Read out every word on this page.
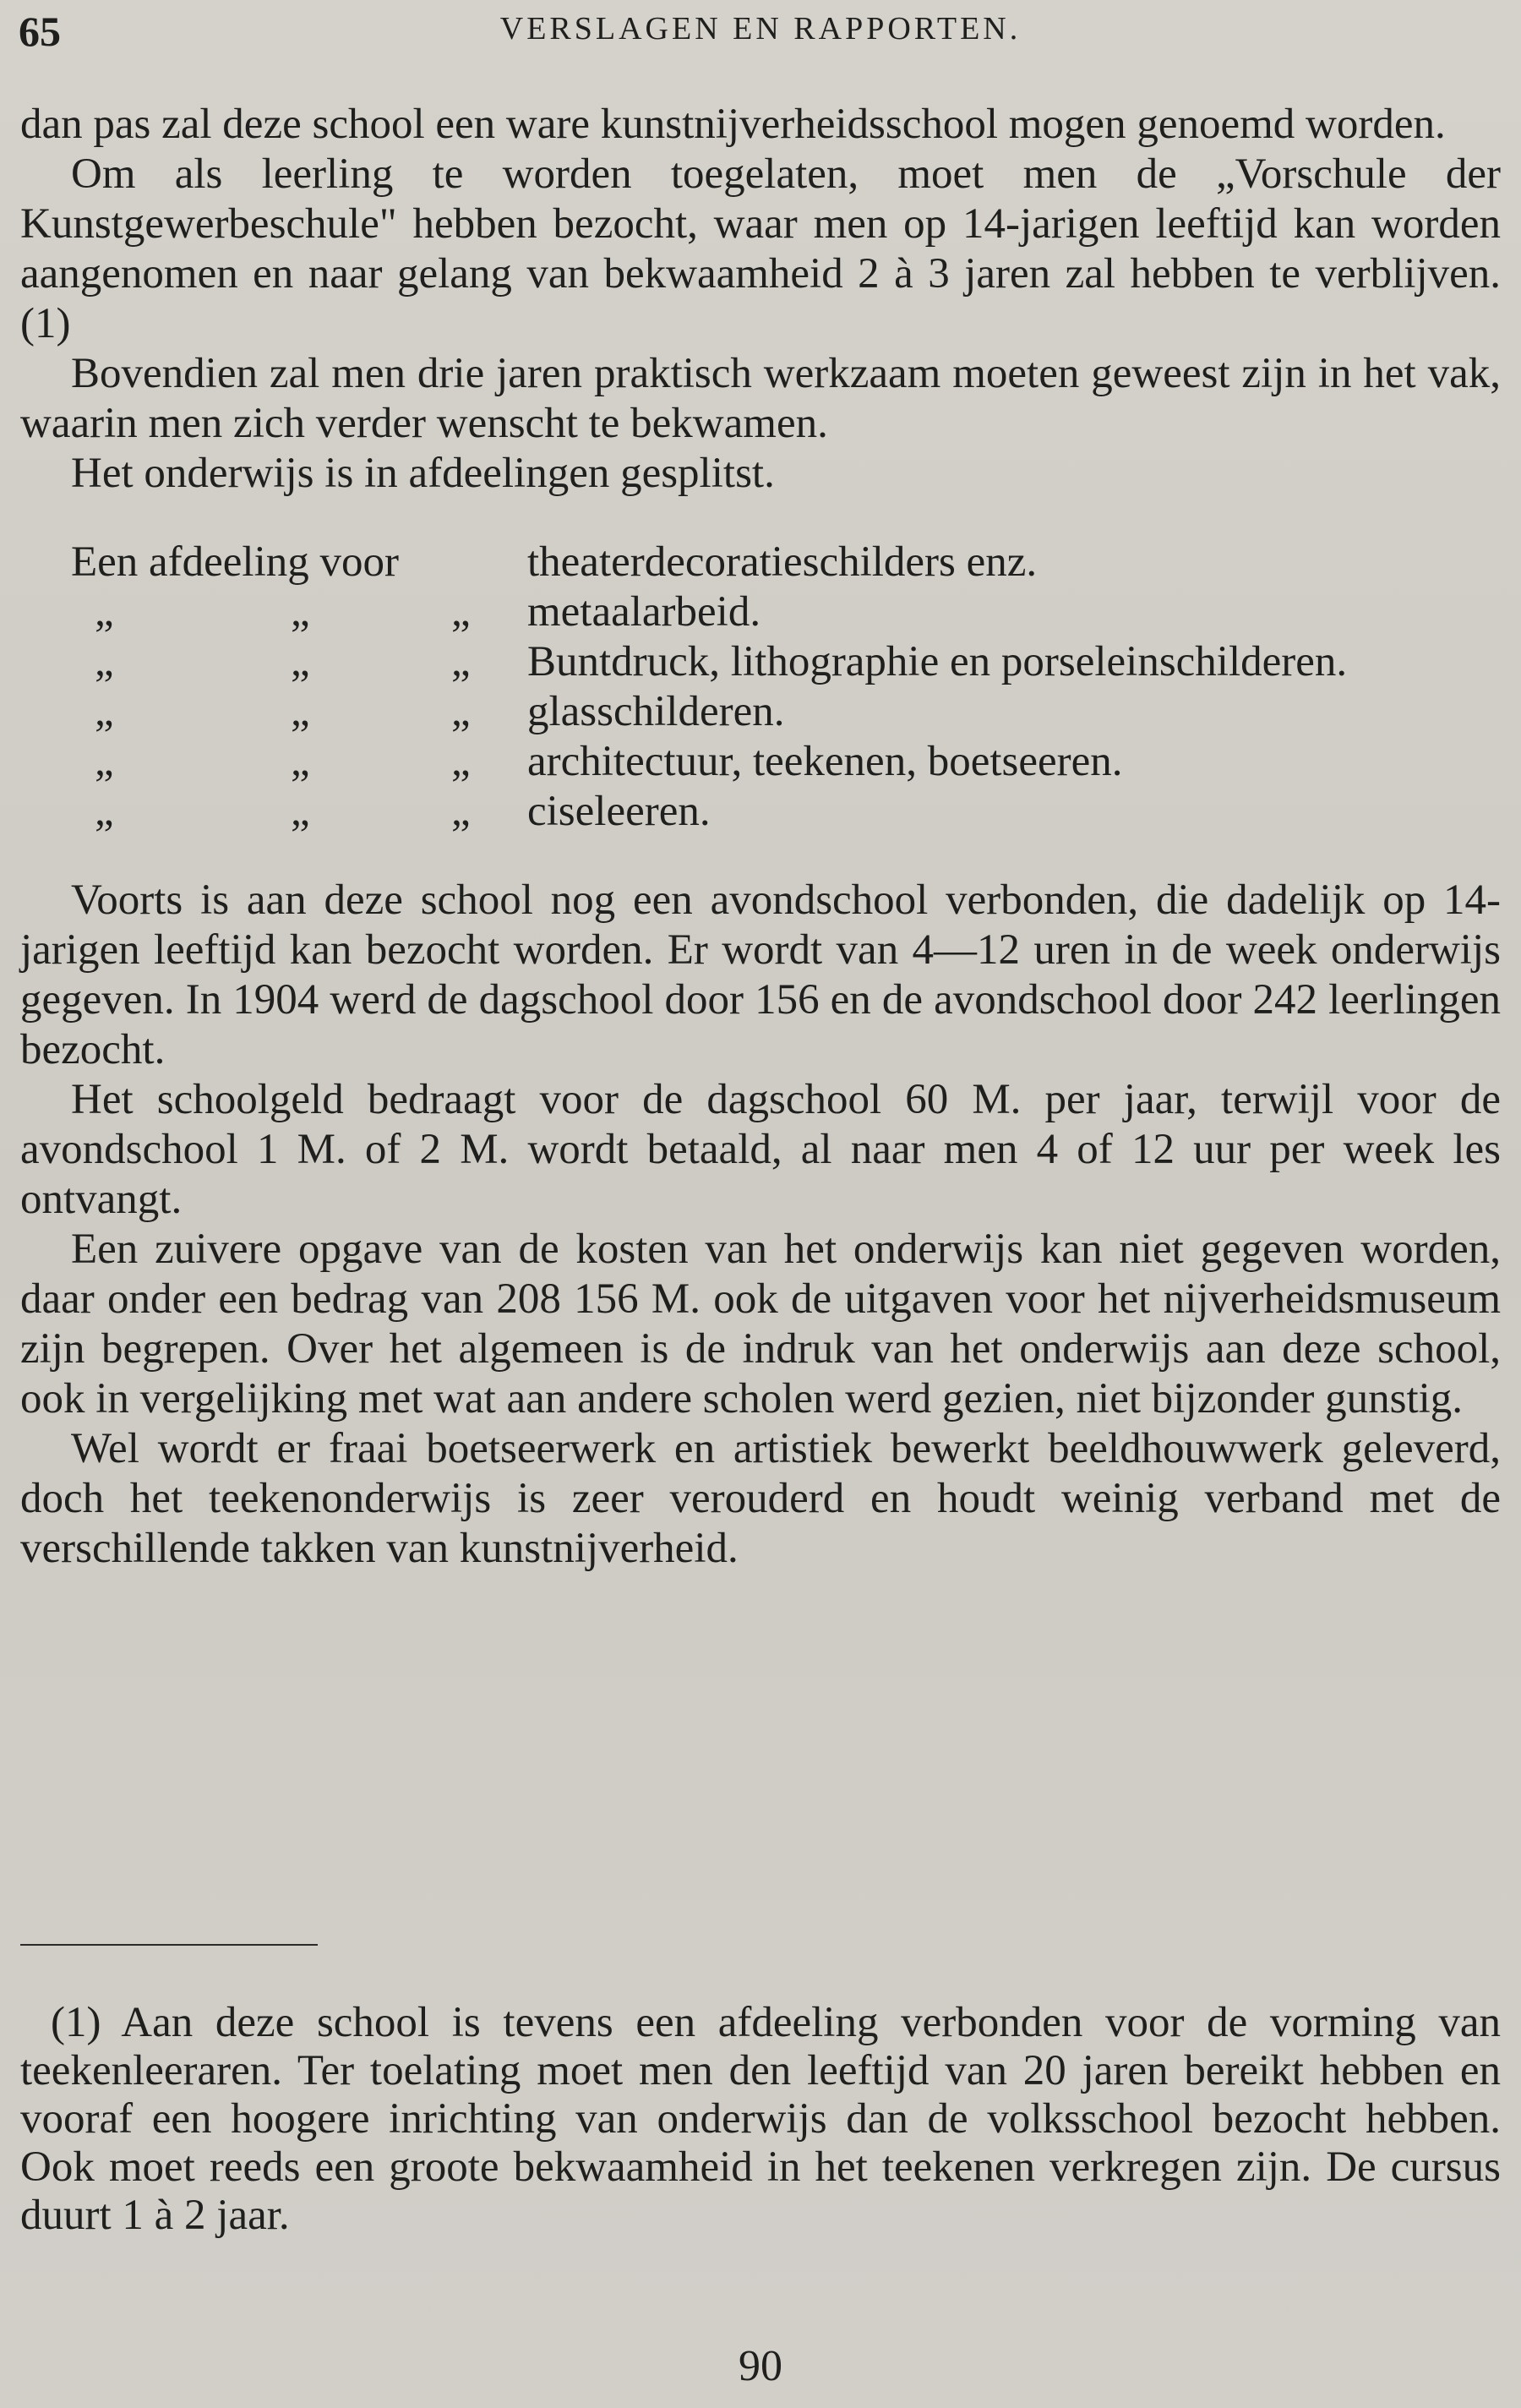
65	VERSLAGEN EN RAPPORTEN.

dan pas zal deze school een ware kunstnijverheidsschool mogen genoemd worden.

Om als leerling te worden toegelaten, moet men de „Vorschule der Kunstgewerbeschule" hebben bezocht, waar men op 14-jarigen leeftijd kan worden aangenomen en naar gelang van bekwaamheid 2 à 3 jaren zal hebben te verblijven. (1)

Bovendien zal men drie jaren praktisch werkzaam moeten geweest zijn in het vak, waarin men zich verder wenscht te bekwamen.

Het onderwijs is in afdeelingen gesplitst.

Een afdeeling voor	theaterdecoratieschilders enz.
„	„	„	metaalarbeid.
„	„	„	Buntdruck, lithographie en porseleinschilderen.
„	„	„	glasschilderen.
„	„	„	architectuur, teekenen, boetseeren.
„	„	„	ciseleeren.

Voorts is aan deze school nog een avondschool verbonden, die dadelijk op 14-jarigen leeftijd kan bezocht worden. Er wordt van 4—12 uren in de week onderwijs gegeven. In 1904 werd de dagschool door 156 en de avondschool door 242 leerlingen bezocht.

Het schoolgeld bedraagt voor de dagschool 60 M. per jaar, terwijl voor de avondschool 1 M. of 2 M. wordt betaald, al naar men 4 of 12 uur per week les ontvangt.

Een zuivere opgave van de kosten van het onderwijs kan niet gegeven worden, daar onder een bedrag van 208 156 M. ook de uitgaven voor het nijverheidsmuseum zijn begrepen. Over het algemeen is de indruk van het onderwijs aan deze school, ook in vergelijking met wat aan andere scholen werd gezien, niet bijzonder gunstig.

Wel wordt er fraai boetseerwerk en artistiek bewerkt beeldhouwwerk geleverd, doch het teekenonderwijs is zeer verouderd en houdt weinig verband met de verschillende takken van kunstnijverheid.

(1) Aan deze school is tevens een afdeeling verbonden voor de vorming van teekenleeraren. Ter toelating moet men den leeftijd van 20 jaren bereikt hebben en vooraf een hoogere inrichting van onderwijs dan de volksschool bezocht hebben. Ook moet reeds een groote bekwaamheid in het teekenen verkregen zijn. De cursus duurt 1 à 2 jaar.
90
